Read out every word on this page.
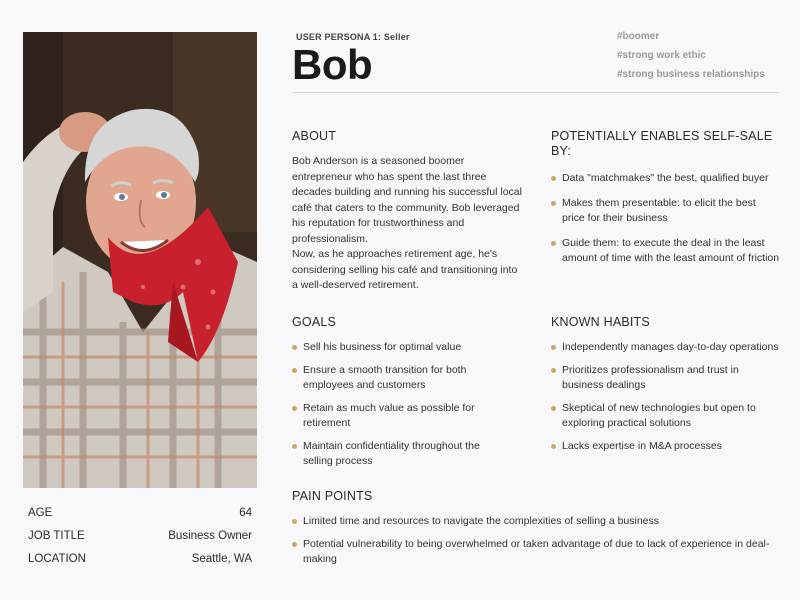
AGE	64
JOB TITLE	Business Owner
LOCATION	Seattle, WA
USER PERSONA 1: Seller
Bob
#boomer
#strong work ethic
#strong business relationships
ABOUT

Bob Anderson is a seasoned boomer entrepreneur who has spent the last three decades building and running his successful local café that caters to the community. Bob leveraged his reputation for trustworthiness and professionalism.

Now, as he approaches retirement age, he's considering selling his café and transitioning into a well-deserved retirement.

POTENTIALLY ENABLES SELF-SALE BY:
Data "matchmakes" the best, qualified buyer
Makes them presentable: to elicit the best price for their business
Guide them: to execute the deal in the least amount of time with the least amount of friction
GOALS
Sell his business for optimal value
Ensure a smooth transition for both employees and customers
Retain as much value as possible for retirement
Maintain confidentiality throughout the selling process
KNOWN HABITS
Independently manages day-to-day operations
Prioritizes professionalism and trust in business dealings
Skeptical of new technologies but open to exploring practical solutions
Lacks expertise in M&A processes
PAIN POINTS
Limited time and resources to navigate the complexities of selling a business
Potential vulnerability to being overwhelmed or taken advantage of due to lack of experience in deal-making
